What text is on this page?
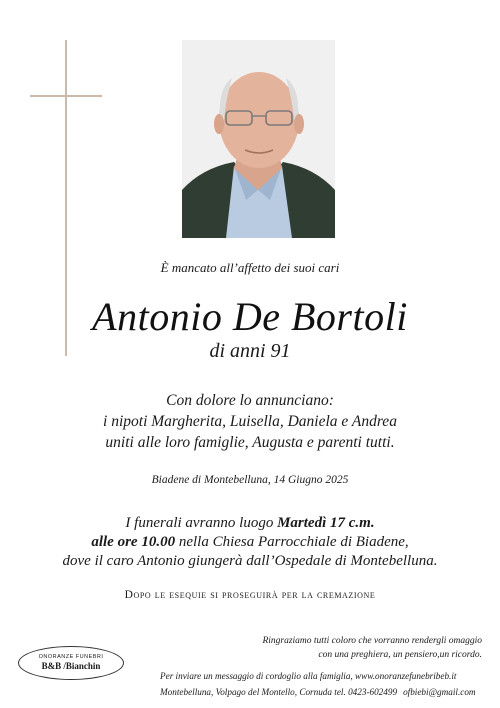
È mancato all’affetto dei suoi cari
Antonio De Bortoli
di anni 91
Con dolore lo annunciano:
i nipoti Margherita, Luisella, Daniela e Andrea
uniti alle loro famiglie, Augusta e parenti tutti.
Biadene di Montebelluna, 14 Giugno 2025
I funerali avranno luogo Martedì 17 c.m.
alle ore 10.00 nella Chiesa Parrocchiale di Biadene,
dove il caro Antonio giungerà dall’Ospedale di Montebelluna.
Dopo le esequie si proseguirà per la cremazione
Ringraziamo tutti coloro che vorranno rendergli omaggio
con una preghiera, un pensiero,un ricordo.
ONORANZE FUNEBRI
B&B /Bianchin
Per inviare un messaggio di cordoglio alla famiglia, www.onoranzefunebribeb.it
Montebelluna, Volpago del Montello, Cornuda tel. 0423-602499 ofbiebi@gmail.com
